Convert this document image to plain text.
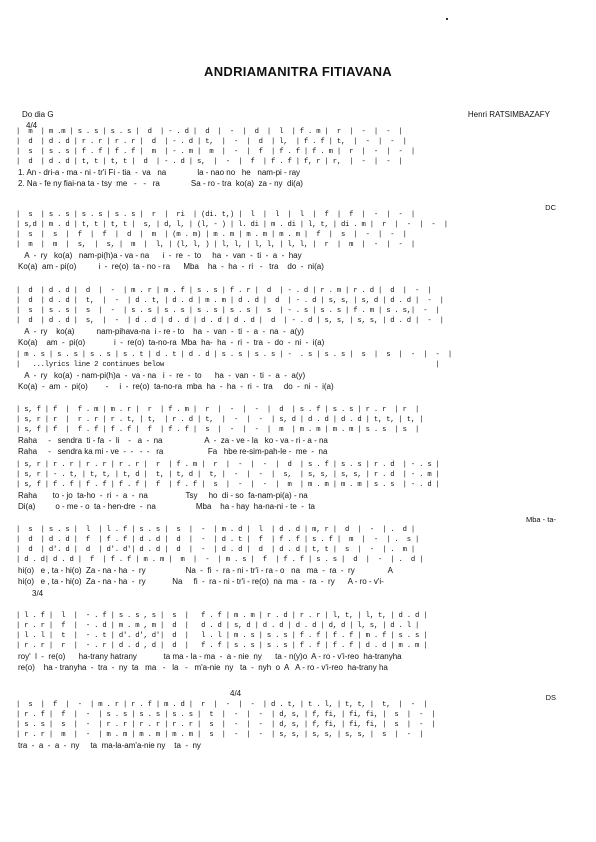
ANDRIAMANITRA FITIAVANA
Do dia G	Henri RATSIMBAZAFY
4/4
|  m  | m .m | s . s | s . s |  d  | - . d |  d  |  -  |  d  |  l  | f . m |  r  |  -  |  -  |
|  d  | d . d | r . r | r . r |  d  | - . d | t,  |  -  |  d  | l,  | f . f | t,  |  -  |  -  |
|  s  | s . s | f . f | f . f |  m  | - . m |  m  |  -  |  f  | f . f | f . m |  r  |  -  |  -  |
|  d  | d . d | t, t | t, t |  d  | - . d | s,  |  -  |  f  | f . f | f, r | r,  |  -  |  -  |
1. An - dri-a - ma - ni - tr'i Fi - tia  -  va   na              la - nao no   he   nam-pi - ray
2. Na - fe ny fiai-na ta - tsy  me   -   -   ra              Sa - ro - tra  ko(a)  za - ny  di(a)
|  s  | s . s | s . s | s . s |  r  |  ri  | (di. t,) |  l  |  l  |  l  |  f  |  f  |  -  |  -  |
| s,d | m . d | t, t | t, t |  s, | d, l, | (l, - ) | l. di | m . di | l, t, | di . m |  r  |  -  |  -  |
|  s  |  s  |  f  |  f  |  d  |  m  | (m . m) | m . m | m . m | m . m |  f  |  s  |  -  |  -  |
|  m  |  m  |  s,  |  s, |  m  |  l, | (l, l, ) | l, l, | l, l, | l, l, |  r  |  m  |  -  |  -  |
A  -  ry   ko(a)   nam-pi(h)a - va - na      i  -  re  -  to     ha  -  van  -  ti  -  a  -  hay
Ko(a)  am - pi(o)          i  -  re(o)  ta - no - ra      Mba    ha  -  ha  -  ri   -   tra    do  -  ni(a)
DC
|  d  | d . d |  d  |  -  | m . r | m . f | s . s | f . r |  d  | - . d | r . m | r . d |  d  |  -  |
|  d  | d . d |  t,  |  -  | d . t, | d . d | m . m | d . d |  d  | - . d | s, s, | s, d | d . d |  -  |
|  s  | s . s |  s  |  -  | s . s | s . s | s . s | s . s |  s  | - . s | s . s | f . m | s . s,|  -  |
|  d  | d . d |  s,  |  -  | d . d | d . d | d . d | d . d |  d  | - . d | s, s, | s, s, | d . d |  -  |
A  -  ry    ko(a)          nam-pihava-na  i - re - to    ha  -  van  -  ti  -  a  -  na  -  a(y)
Ko(a)    am  -  pi(o)             i  -  re(o)  ta-no-ra  Mba  ha-  ha  -  ri  -  tra  -  do  -  ni  -  i(a)
| m . s | s . s | s . s | s . t | d . t | d . d | s . s | s . s | -  . s | s . s |  s  |  s  |  -  |  -  |
|   ...lyrics line 2 continues below                                                                  |
A  -  ry   ko(a)  - nam-pi(h)a  -  va - na   i  -  re  -  to      ha  -  van  -  ti  -  a  -  a(y)
Ko(a)  -  am  -  pi(o)        -     i  -  re(o)  ta-no-ra  mba  ha  -  ha  -  ri  -  tra     do  -  ni  -  i(a)
| s, f | f  |  f . m | m . r |  r  | f . m |  r  |  -  |  -  |  d  | s . f | s . s | r . r  | r  |
| s, r | r  |  r . r | r . t, | t,  | r . d | t,  |  -  |  -  | s, d | d . d | d . d | t, t, | t, |
| s, f | f  |  f . f | f . f |  f  | f . f |  s  |  -  |  -  |  m  | m . m | m . m | s . s  | s  |
Raha     -   sendra  ti - fa  -  li    -   a  -  na                   A  -  za - ve - la   ko - va - ri - a - na
Raha     -   sendra ka mi - ve  -  -   -  -   ra                    Fa   hbe re-sim-pah-le -  me  -  na
| s, r | r . r | r . r | r . r |  r  | f . m |  r  |  -  |  -  |  d  | s . f | s . s | r . d  | - . s |
| s, r | - . t, | t, t, | t, d |  t, | t, d |  t, |  -  |  -  |  s,  | s, s, | s, s, | r . d  | - . m |
| s, f | f . f | f . f | f . f |  f  | f . f |  s  |  -  |  -  |  m  | m . m | m . m | s . s  | - . d |
Raha       to - jo  ta-ho  -  ri  -  a  -  na                 Tsy     ho  di - so  fa-nam-pi(a) - na
Di(a)         o - me - o  ta - hen-dre  -  na                  Mba    ha - hay  ha-na-ni - te  -  ta
Mba - ta-
|  s  | s . s |  l  | l . f | s . s |  s  |  -  | m . d |  l  | d . d | m, r |  d  |  -  | .  d |
|  d  | d . d |  f  | f . f | d . d |  d  |  -  | d . t |  f  | f . f | s . f |  m  |  -  | .  s |
|  d  | d'. d |  d  | d'. d'| d . d |  d  |  -  | d . d |  d  | d . d | t, t |  s  |  -  | .  m |
| d . d| d . d |  f  | f . f | m . m |  m  |  -  | m . s |  f  | f . f | s . s |  d  |  -  | .  d |
hi(o)   e , ta - hi(o)  Za - na - ha  -  ry                  Na  -  fi  -  ra - ni - tr'i - ra - o   na   ma  -  ra  -  ry               A
hi(o)   e , ta - hi(o)  Za - na - ha  -  ry            Na     fi  -  ra - ni - tr'i - re(o)  na  ma  -  ra  -  ry      A - ro - v'i-
3/4
| l . f |  l  |  - . f | s . s , s |  s  |   f . f | m . m | r . d | r . r | l, t, | l, t, | d . d |
| r . r |  f  |  - . d | m . m , m |  d  |   d . d | s, d | d . d | d . d | d, d | l, s, | d . l |
| l . l |  t  |  - . t | d'. d', d'|  d  |   l . l | m . s | s . s | f . f | f . f | m . f | s . s |
| r . r |  r  |  - . r | d . d , d |  d  |   f . f | s . s | s . s | f . f | f . f | d . d | m . m |
roy'  l  -  re(o)      ha-trany hatrany            ta ma - la - ma  -  a - nie  ny      ta - n(y)o  A - ro - v'i-reo  ha-tranyha
re(o)    ha - tranyha  -  tra  -  ny  ta   ma   -   la   -   m'a-nie  ny   ta  -  nyh  o  A   A - ro - v'i-reo  ha-trany ha
|  s  |  f  |  -  | m . r | r . f | m . d |  r  |  -  |  -  | d . t, | t . l, | t, t, |  t,  |  -  |
| r . f |  f  |  -  | s . s | s . s | s . s |  t  |  -  |  -  | d, s, | f, fi, | fi, fi, |  s  |  -  |
| s . s |  s  |  -  | r . r | r . r | r . r |  s  |  -  |  -  | d, s, | f, fi, | fi, fi, |  s  |  -  |
| r . r |  m  |  -  | m . m | m . m | m . m |  s  |  -  |  -  | s, s, | s, s, | s, s, |  s  |  -  |
tra  -  a  -  a  -  ny     ta  ma-la-am'a-nie ny    ta  -  ny
DS
4/4
